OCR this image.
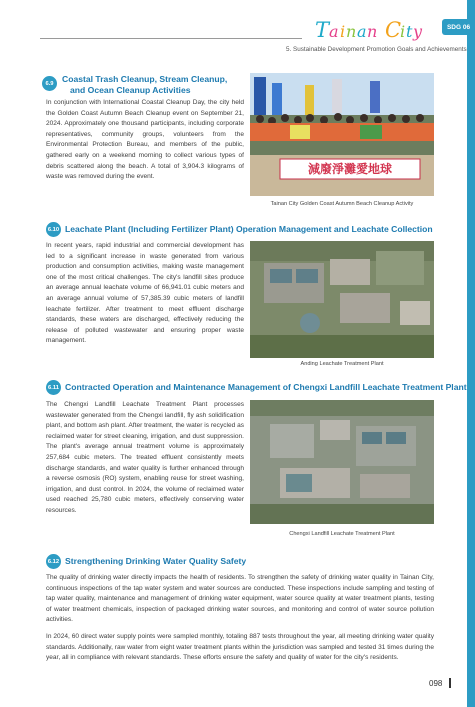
SDG 06
T a i n a n C
i t y
5. Sustainable Development Promotion Goals and Achievements
6.9 Coastal Trash Cleanup, Stream Cleanup,
and Ocean Cleanup Activities
In conjunction with International Coastal Cleanup Day, the city held the Golden Coast Autumn Beach Cleanup event on September 21, 2024. Approximately one thousand participants, including corporate representatives, community groups, volunteers from the Environmental Protection Bureau, and members of the public, gathered early on a weekend morning to collect various types of debris scattered along the beach. A total of 3,904.3 kilograms of waste was removed during the event.
減廢淨灘愛地球
Tainan City Golden Coast Autumn Beach Cleanup Activity
6.10 Leachate Plant (Including Fertilizer Plant) Operation Management and Leachate Collection
In recent years, rapid industrial and commercial development has led to a significant increase in waste generated from various production and consumption activities, making waste management one of the most critical challenges. The city's landfill sites produce an average annual leachate volume of 66,941.01 cubic meters and an average annual volume of 57,385.39 cubic meters of landfill leachate fertilizer. After treatment to meet effluent discharge standards, these waters are discharged, effectively reducing the release of polluted wastewater and ensuring proper waste management.
Anding Leachate Treatment Plant
6.11 Contracted Operation and Maintenance Management of Chengxi Landfill Leachate Treatment Plant
The Chengxi Landfill Leachate Treatment Plant processes wastewater generated from the Chengxi landfill, fly ash solidification plant, and bottom ash plant. After treatment, the water is recycled as reclaimed water for street cleaning, irrigation, and dust suppression. The plant's average annual treatment volume is approximately 257,684 cubic meters. The treated effluent consistently meets discharge standards, and water quality is further enhanced through a reverse osmosis (RO) system, enabling reuse for street washing, irrigation, and dust control. In 2024, the volume of reclaimed water used reached 25,780 cubic meters, effectively conserving water resources.
Chengxi Landfill Leachate Treatment Plant
6.12 Strengthening Drinking Water Quality Safety
The quality of drinking water directly impacts the health of residents. To strengthen the safety of drinking water quality in Tainan City, continuous inspections of the tap water system and water sources are conducted. These inspections include sampling and testing of tap water quality, maintenance and management of drinking water equipment, water source quality at water treatment plants, testing of water treatment chemicals, inspection of packaged drinking water sources, and monitoring and control of water source pollution activities.
In 2024, 60 direct water supply points were sampled monthly, totaling 887 tests throughout the year, all meeting drinking water quality standards. Additionally, raw water from eight water treatment plants within the jurisdiction was sampled and tested 31 times during the year, all in compliance with relevant standards. These efforts ensure the safety and quality of water for the city's residents.
098
